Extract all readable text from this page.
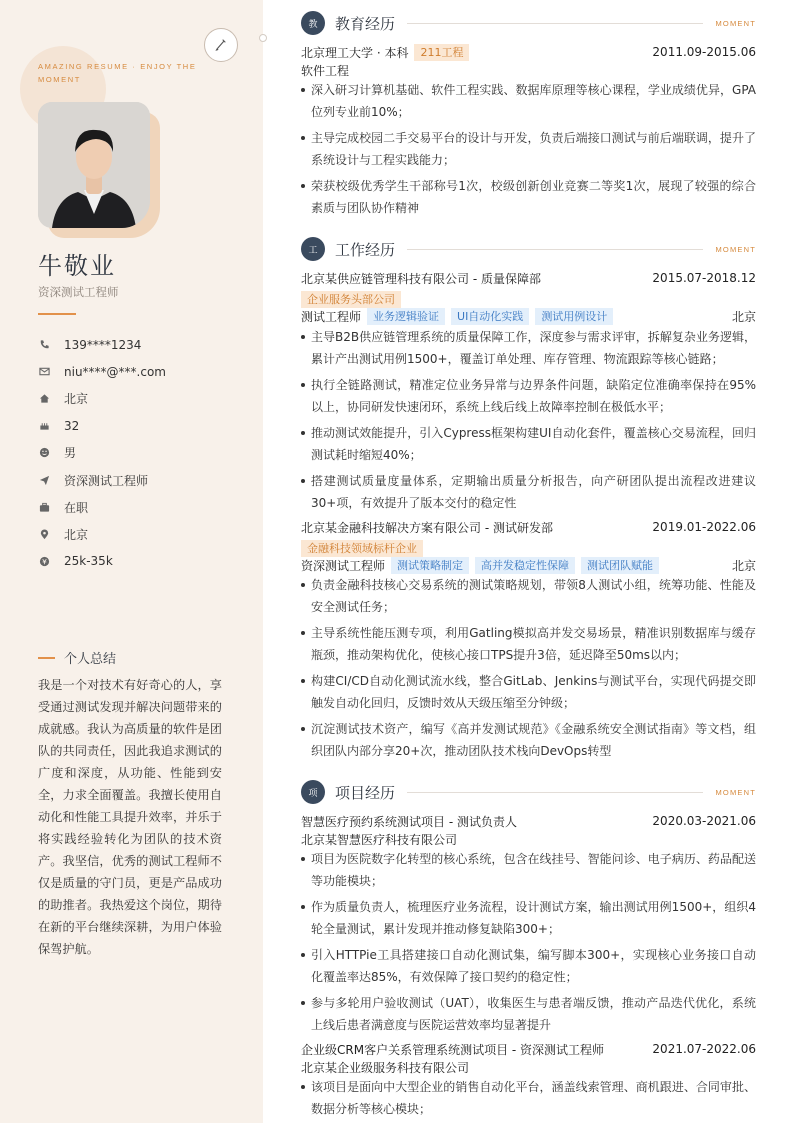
AMAZING RESUME · ENJOY THE MOMENT
牛敬业
资深测试工程师
139****1234
niu****@***.com
北京
32
男
资深测试工程师
在职
北京
25k-35k
个人总结

我是一个对技术有好奇心的人，享受通过测试发现并解决问题带来的成就感。我认为高质量的软件是团队的共同责任，因此我追求测试的广度和深度，从功能、性能到安全，力求全面覆盖。我擅长使用自动化和性能工具提升效率，并乐于将实践经验转化为团队的技术资产。我坚信，优秀的测试工程师不仅是质量的守门员，更是产品成功的助推者。我热爱这个岗位，期待在新的平台继续深耕，为用户体验保驾护航。

教	教育经历	MOMENT
北京理工大学 · 本科	211工程	2011.09-2015.06
软件工程
深入研习计算机基础、软件工程实践、数据库原理等核心课程，学业成绩优异，GPA位列专业前10%；
主导完成校园二手交易平台的设计与开发，负责后端接口测试与前后端联调，提升了系统设计与工程实践能力；
荣获校级优秀学生干部称号1次，校级创新创业竞赛二等奖1次，展现了较强的综合素质与团队协作精神
工	工作经历	MOMENT
北京某供应链管理科技有限公司 - 质量保障部	2015.07-2018.12
企业服务头部公司
测试工程师	业务逻辑验证	UI自动化实践	测试用例设计	北京
主导B2B供应链管理系统的质量保障工作，深度参与需求评审，拆解复杂业务逻辑，累计产出测试用例1500+，覆盖订单处理、库存管理、物流跟踪等核心链路；
执行全链路测试，精准定位业务异常与边界条件问题，缺陷定位准确率保持在95%以上，协同研发快速闭环，系统上线后线上故障率控制在极低水平；
推动测试效能提升，引入Cypress框架构建UI自动化套件，覆盖核心交易流程，回归测试耗时缩短40%；
搭建测试质量度量体系，定期输出质量分析报告，向产研团队提出流程改进建议30+项，有效提升了版本交付的稳定性
北京某金融科技解决方案有限公司 - 测试研发部	2019.01-2022.06
金融科技领域标杆企业
资深测试工程师	测试策略制定	高并发稳定性保障	测试团队赋能	北京
负责金融科技核心交易系统的测试策略规划，带领8人测试小组，统筹功能、性能及安全测试任务；
主导系统性能压测专项，利用Gatling模拟高并发交易场景，精准识别数据库与缓存瓶颈，推动架构优化，使核心接口TPS提升3倍，延迟降至50ms以内；
构建CI/CD自动化测试流水线，整合GitLab、Jenkins与测试平台，实现代码提交即触发自动化回归，反馈时效从天级压缩至分钟级；
沉淀测试技术资产，编写《高并发测试规范》《金融系统安全测试指南》等文档，组织团队内部分享20+次，推动团队技术栈向DevOps转型
项	项目经历	MOMENT
智慧医疗预约系统测试项目 - 测试负责人	2020.03-2021.06
北京某智慧医疗科技有限公司
项目为医院数字化转型的核心系统，包含在线挂号、智能问诊、电子病历、药品配送等功能模块；
作为质量负责人，梳理医疗业务流程，设计测试方案，输出测试用例1500+，组织4轮全量测试，累计发现并推动修复缺陷300+；
引入HTTPie工具搭建接口自动化测试集，编写脚本300+，实现核心业务接口自动化覆盖率达85%，有效保障了接口契约的稳定性；
参与多轮用户验收测试（UAT），收集医生与患者端反馈，推动产品迭代优化，系统上线后患者满意度与医院运营效率均显著提升
企业级CRM客户关系管理系统测试项目 - 资深测试工程师	2021.07-2022.06
北京某企业级服务科技有限公司
该项目是面向中大型企业的销售自动化平台，涵盖线索管理、商机跟进、合同审批、数据分析等核心模块；
